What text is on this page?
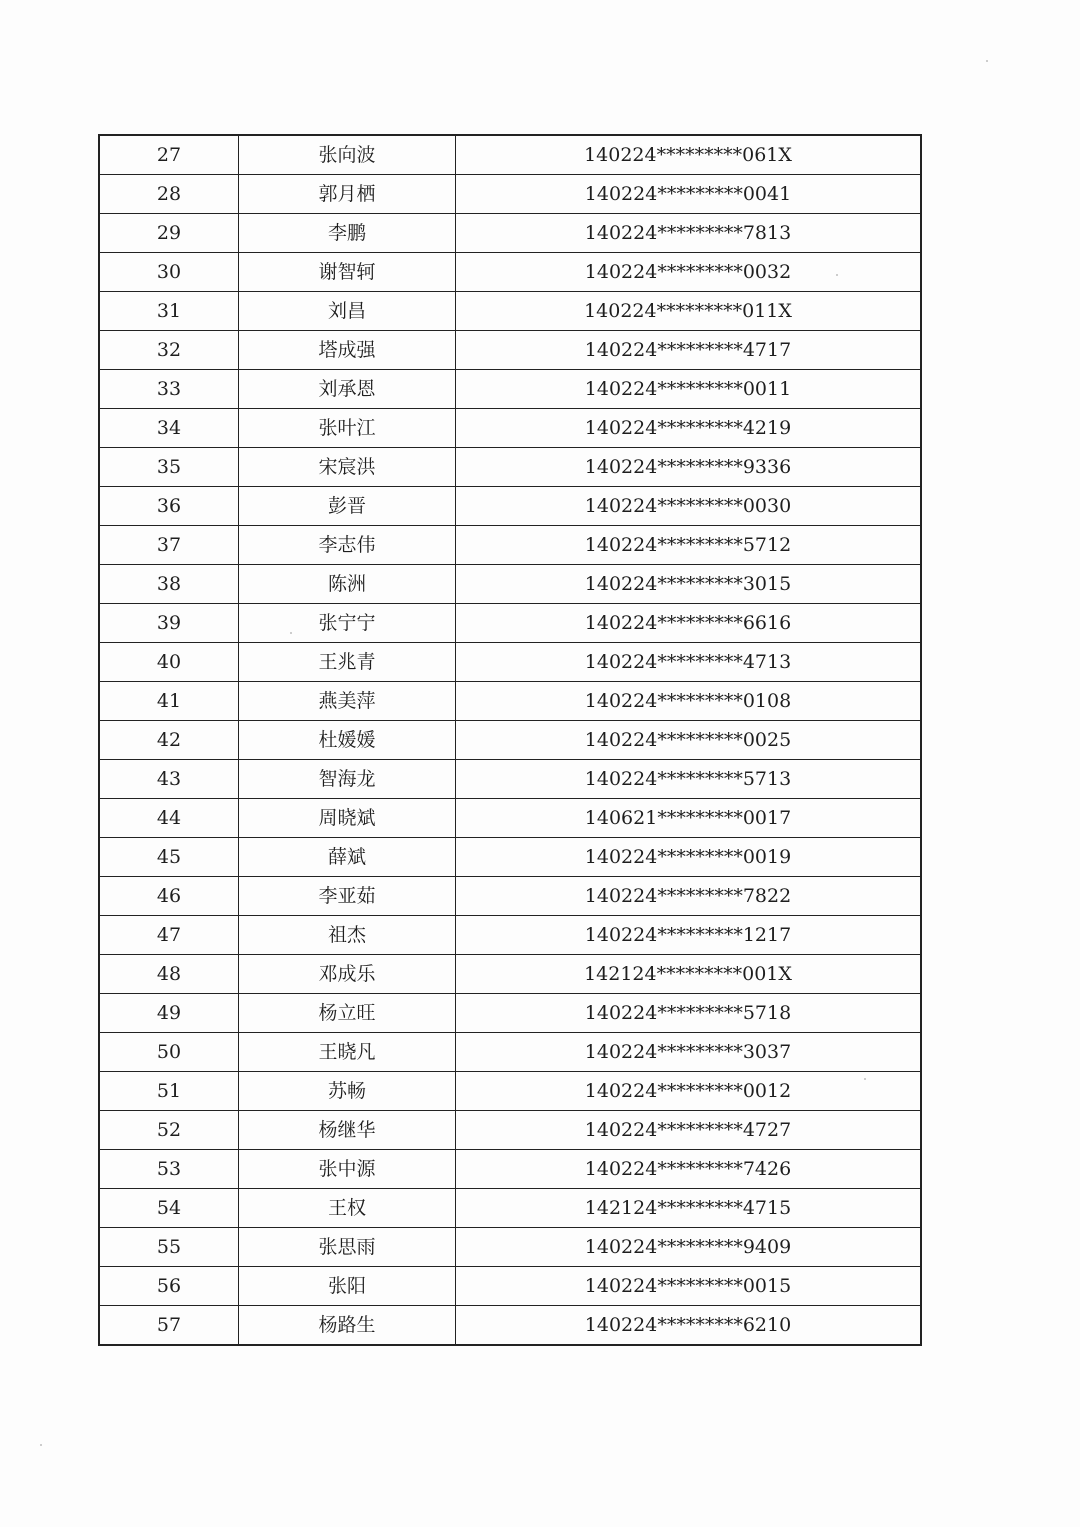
27	张向波	140224*********061X
28	郭月栖	140224*********0041
29	李鹏	140224*********7813
30	谢智轲	140224*********0032
31	刘昌	140224*********011X
32	塔成强	140224*********4717
33	刘承恩	140224*********0011
34	张叶江	140224*********4219
35	宋宸洪	140224*********9336
36	彭晋	140224*********0030
37	李志伟	140224*********5712
38	陈洲	140224*********3015
39	张宁宁	140224*********6616
40	王兆青	140224*********4713
41	燕美萍	140224*********0108
42	杜媛媛	140224*********0025
43	智海龙	140224*********5713
44	周晓斌	140621*********0017
45	薛斌	140224*********0019
46	李亚茹	140224*********7822
47	祖杰	140224*********1217
48	邓成乐	142124*********001X
49	杨立旺	140224*********5718
50	王晓凡	140224*********3037
51	苏畅	140224*********0012
52	杨继华	140224*********4727
53	张中源	140224*********7426
54	王权	142124*********4715
55	张思雨	140224*********9409
56	张阳	140224*********0015
57	杨路生	140224*********6210
